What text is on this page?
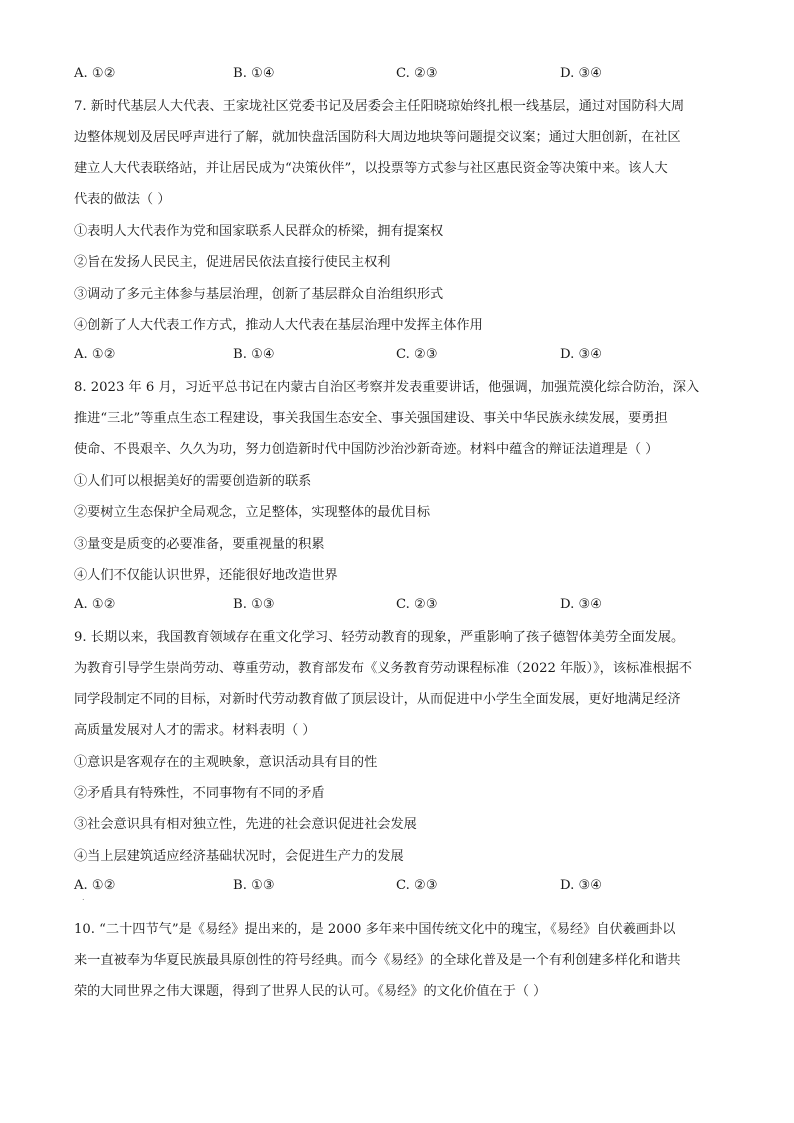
A. ①②	B. ①④	C. ②③	D. ③④
7. 新时代基层人大代表、王家垅社区党委书记及居委会主任阳晓琼始终扎根一线基层，通过对国防科大周
边整体规划及居民呼声进行了解，就加快盘活国防科大周边地块等问题提交议案；通过大胆创新，在社区
建立人大代表联络站，并让居民成为“决策伙伴”，以投票等方式参与社区惠民资金等决策中来。该人大
代表的做法（ ）
①表明人大代表作为党和国家联系人民群众的桥梁，拥有提案权
②旨在发扬人民民主，促进居民依法直接行使民主权利
③调动了多元主体参与基层治理，创新了基层群众自治组织形式
④创新了人大代表工作方式，推动人大代表在基层治理中发挥主体作用
A. ①②	B. ①④	C. ②③	D. ③④
8. 2023 年 6 月，习近平总书记在内蒙古自治区考察并发表重要讲话，他强调，加强荒漠化综合防治，深入
推进“三北”等重点生态工程建设，事关我国生态安全、事关强国建设、事关中华民族永续发展，要勇担
使命、不畏艰辛、久久为功，努力创造新时代中国防沙治沙新奇迹。材料中蕴含的辩证法道理是（ ）
①人们可以根据美好的需要创造新的联系
②要树立生态保护全局观念，立足整体，实现整体的最优目标
③量变是质变的必要准备，要重视量的积累
④人们不仅能认识世界，还能很好地改造世界
A. ①②	B. ①③	C. ②③	D. ③④
9. 长期以来，我国教育领域存在重文化学习、轻劳动教育的现象，严重影响了孩子德智体美劳全面发展。
为教育引导学生崇尚劳动、尊重劳动，教育部发布《义务教育劳动课程标准（2022 年版）》，该标准根据不
同学段制定不同的目标，对新时代劳动教育做了顶层设计，从而促进中小学生全面发展，更好地满足经济
高质量发展对人才的需求。材料表明（ ）
①意识是客观存在的主观映象，意识活动具有目的性
②矛盾具有特殊性，不同事物有不同的矛盾
③社会意识具有相对独立性，先进的社会意识促进社会发展
④当上层建筑适应经济基础状况时，会促进生产力的发展
A. ①②	B. ①③	C. ②③	D. ③④
.
10. “二十四节气”是《易经》提出来的，是 2000 多年来中国传统文化中的瑰宝，《易经》自伏羲画卦以
来一直被奉为华夏民族最具原创性的符号经典。而今《易经》的全球化普及是一个有利创建多样化和谐共
荣的大同世界之伟大课题，得到了世界人民的认可。《易经》的文化价值在于（ ）
